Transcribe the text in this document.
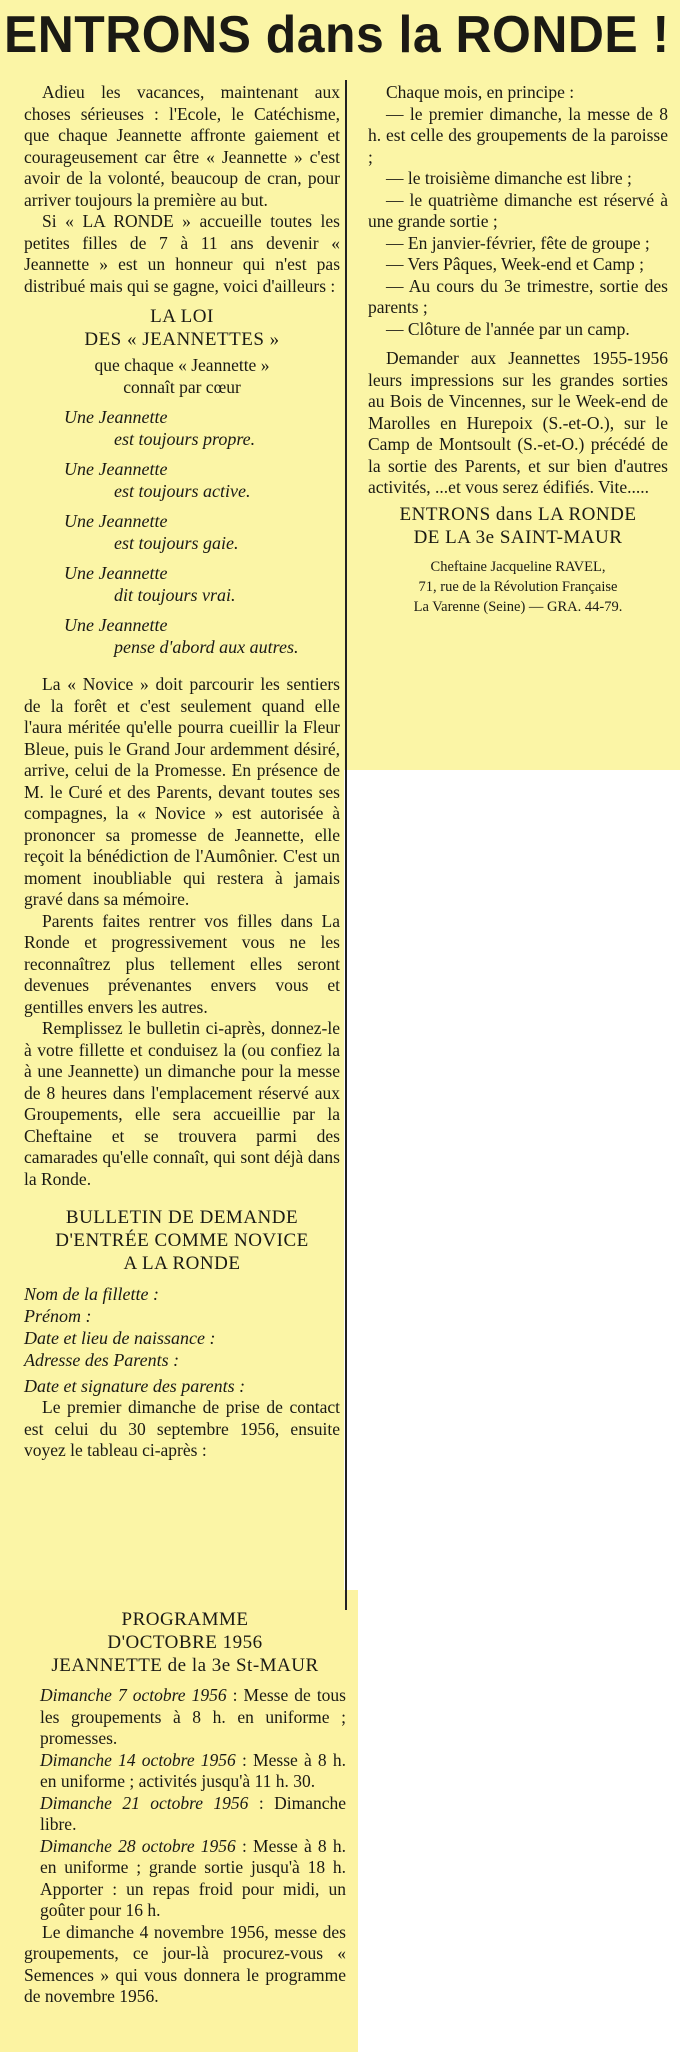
ENTRONS dans la RONDE !

Adieu les vacances, maintenant aux choses sérieuses : l'Ecole, le Catéchisme, que chaque Jeannette affronte gaiement et courageusement car être « Jeannette » c'est avoir de la volonté, beaucoup de cran, pour arriver toujours la première au but.

Si « LA RONDE » accueille toutes les petites filles de 7 à 11 ans devenir « Jeannette » est un honneur qui n'est pas distribué mais qui se gagne, voici d'ailleurs :

LA LOI

DES « JEANNETTES »

que chaque « Jeannette »

connaît par cœur

Une Jeannette

est toujours propre.

Une Jeannette

est toujours active.

Une Jeannette

est toujours gaie.

Une Jeannette

dit toujours vrai.

Une Jeannette

pense d'abord aux autres.

La « Novice » doit parcourir les sentiers de la forêt et c'est seulement quand elle l'aura méritée qu'elle pourra cueillir la Fleur Bleue, puis le Grand Jour ardemment désiré, arrive, celui de la Promesse. En présence de M. le Curé et des Parents, devant toutes ses compagnes, la « Novice » est autorisée à prononcer sa promesse de Jeannette, elle reçoit la bénédiction de l'Aumônier. C'est un moment inoubliable qui restera à jamais gravé dans sa mémoire.

Parents faites rentrer vos filles dans La Ronde et progressivement vous ne les reconnaîtrez plus tellement elles seront devenues prévenantes envers vous et gentilles envers les autres.

Remplissez le bulletin ci-après, donnez-le à votre fillette et conduisez la (ou confiez la à une Jeannette) un dimanche pour la messe de 8 heures dans l'emplacement réservé aux Groupements, elle sera accueillie par la Cheftaine et se trouvera parmi des camarades qu'elle connaît, qui sont déjà dans la Ronde.

BULLETIN DE DEMANDE

D'ENTRÉE COMME NOVICE

A LA RONDE

Nom de la fillette :

Prénom :

Date et lieu de naissance :

Adresse des Parents :

Date et signature des parents :

Le premier dimanche de prise de contact est celui du 30 septembre 1956, ensuite voyez le tableau ci-après :

Chaque mois, en principe :

— le premier dimanche, la messe de 8 h. est celle des groupements de la paroisse ;

— le troisième dimanche est libre ;

— le quatrième dimanche est réservé à une grande sortie ;

— En janvier-février, fête de groupe ;

— Vers Pâques, Week-end et Camp ;

— Au cours du 3e trimestre, sortie des parents ;

— Clôture de l'année par un camp.

Demander aux Jeannettes 1955-1956 leurs impressions sur les grandes sorties au Bois de Vincennes, sur le Week-end de Marolles en Hurepoix (S.-et-O.), sur le Camp de Montsoult (S.-et-O.) précédé de la sortie des Parents, et sur bien d'autres activités, ...et vous serez édifiés. Vite.....

ENTRONS dans LA RONDE

DE LA 3e SAINT-MAUR

Cheftaine Jacqueline RAVEL,

71, rue de la Révolution Française

La Varenne (Seine) — GRA. 44-79.

PROGRAMME

D'OCTOBRE 1956

JEANNETTE de la 3e St-MAUR

Dimanche 7 octobre 1956 : Messe de tous les groupements à 8 h. en uniforme ; promesses.

Dimanche 14 octobre 1956 : Messe à 8 h. en uniforme ; activités jusqu'à 11 h. 30.

Dimanche 21 octobre 1956 : Dimanche libre.

Dimanche 28 octobre 1956 : Messe à 8 h. en uniforme ; grande sortie jusqu'à 18 h. Apporter : un repas froid pour midi, un goûter pour 16 h.

Le dimanche 4 novembre 1956, messe des groupements, ce jour-là procurez-vous « Semences » qui vous donnera le programme de novembre 1956.
